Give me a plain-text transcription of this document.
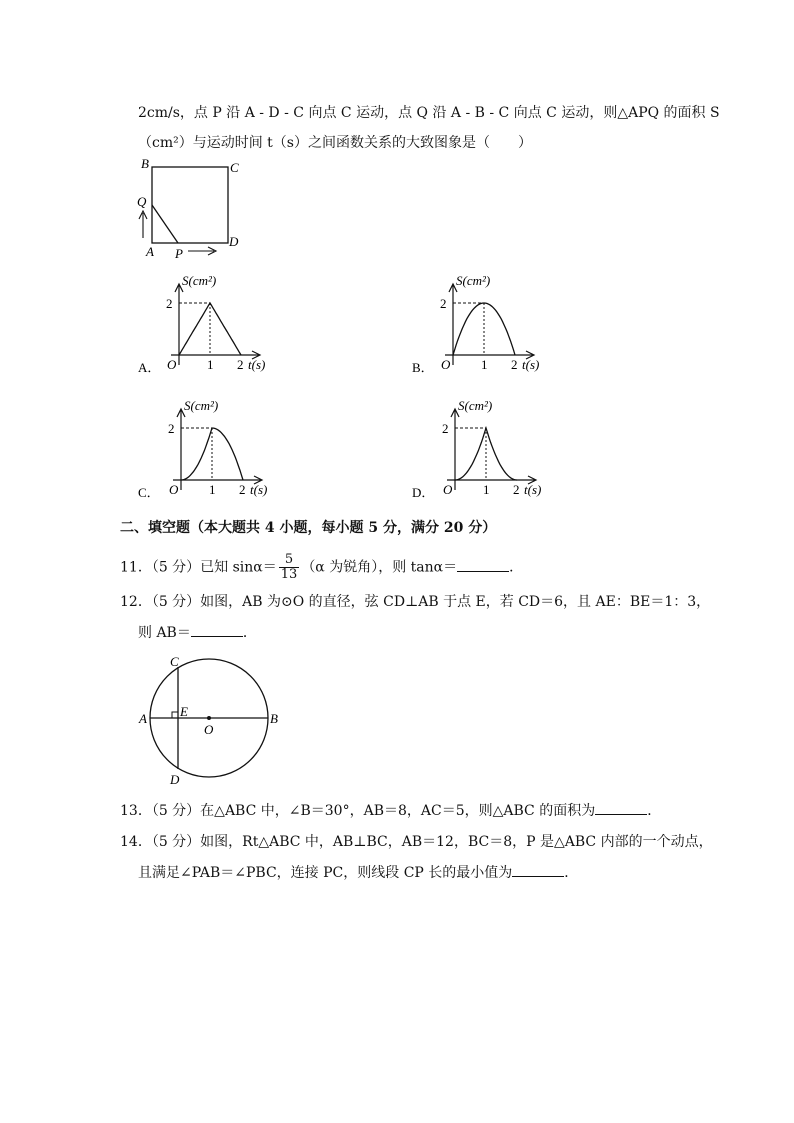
2cm/s，点 P 沿 A - D - C 向点 C 运动，点 Q 沿 A - B - C 向点 C 运动，则△APQ 的面积 S
（cm²）与运动时间 t（s）之间函数关系的大致图象是（　　）
B	C
Q
A P
D
S(cm²)
2
O 1 2 t(s)
A．
S(cm²)
2
O 1 2 t(s)
B．
S(cm²)
2
O 1 2 t(s)
C．
S(cm²)
2
O 1 2 t(s)
D．
二、填空题（本大题共 4 小题，每小题 5 分，满分 20 分）
11．（5 分）已知 $\sin\alpha= \frac{5}{13} (\alpha$ 为锐角），则 tanα＝	．
12．（5 分）如图，AB 为⊙O 的直径，弦 CD⊥AB 于点 E，若 CD＝6，且 AE：BE＝1：3，
则 AB＝	．
C
E
A
O
B
D
13．（5 分）在△ABC 中，∠B＝30°，AB＝8，AC＝5，则△ABC 的面积为	．
14．（5 分）如图，Rt△ABC 中，AB⊥BC，AB＝12，BC＝8，P 是△ABC 内部的一个动点，
且满足∠PAB＝∠PBC，连接 PC，则线段 CP 长的最小值为	．
